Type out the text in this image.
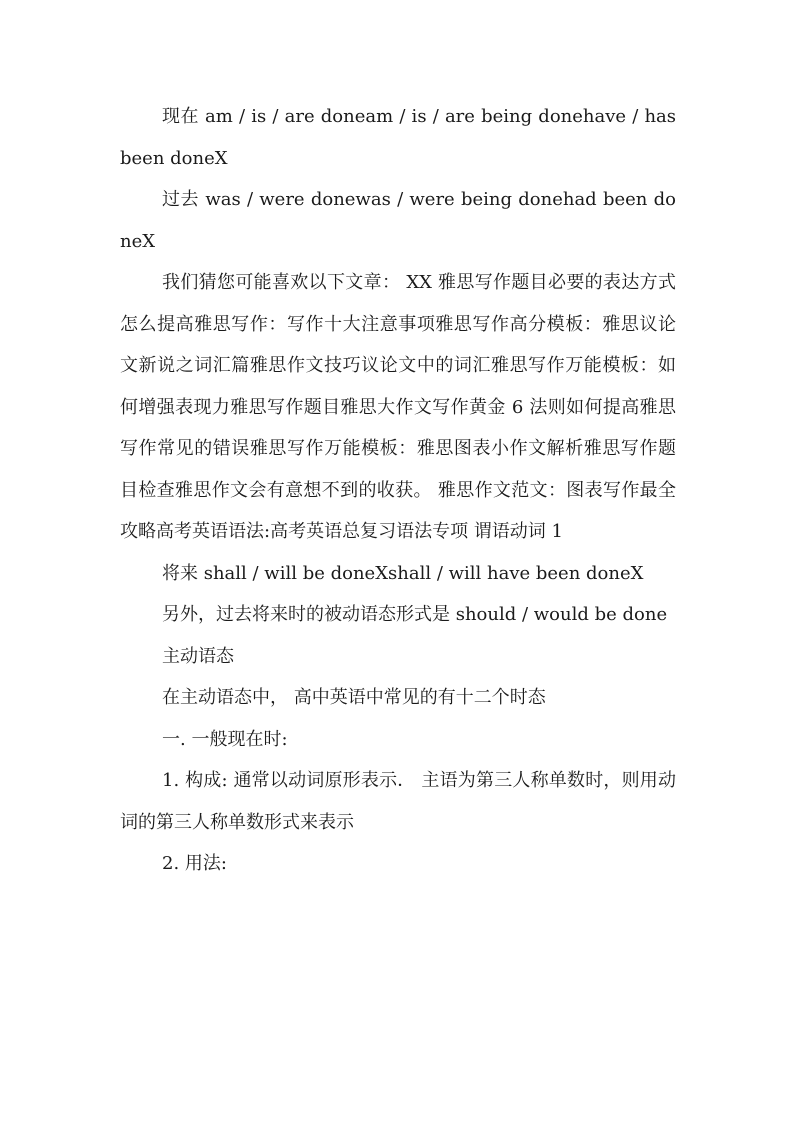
现在 am / is / are doneam / is / are being donehave / has been doneX

过去 was / were donewas / were being donehad been doneX

我们猜您可能喜欢以下文章： XX 雅思写作题目必要的表达方式怎么提高雅思写作：写作十大注意事项雅思写作高分模板：雅思议论文新说之词汇篇雅思作文技巧议论文中的词汇雅思写作万能模板：如何增强表现力雅思写作题目雅思大作文写作黄金 6 法则如何提高雅思写作常见的错误雅思写作万能模板：雅思图表小作文解析雅思写作题目检查雅思作文会有意想不到的收获。 雅思作文范文：图表写作最全攻略高考英语语法:高考英语总复习语法专项 谓语动词 1

将来 shall / will be doneXshall / will have been doneX

另外，过去将来时的被动语态形式是 should / would be done

主动语态

在主动语态中， 高中英语中常见的有十二个时态

一. 一般现在时:

1. 构成: 通常以动词原形表示． 主语为第三人称单数时，则用动词的第三人称单数形式来表示

2. 用法:
